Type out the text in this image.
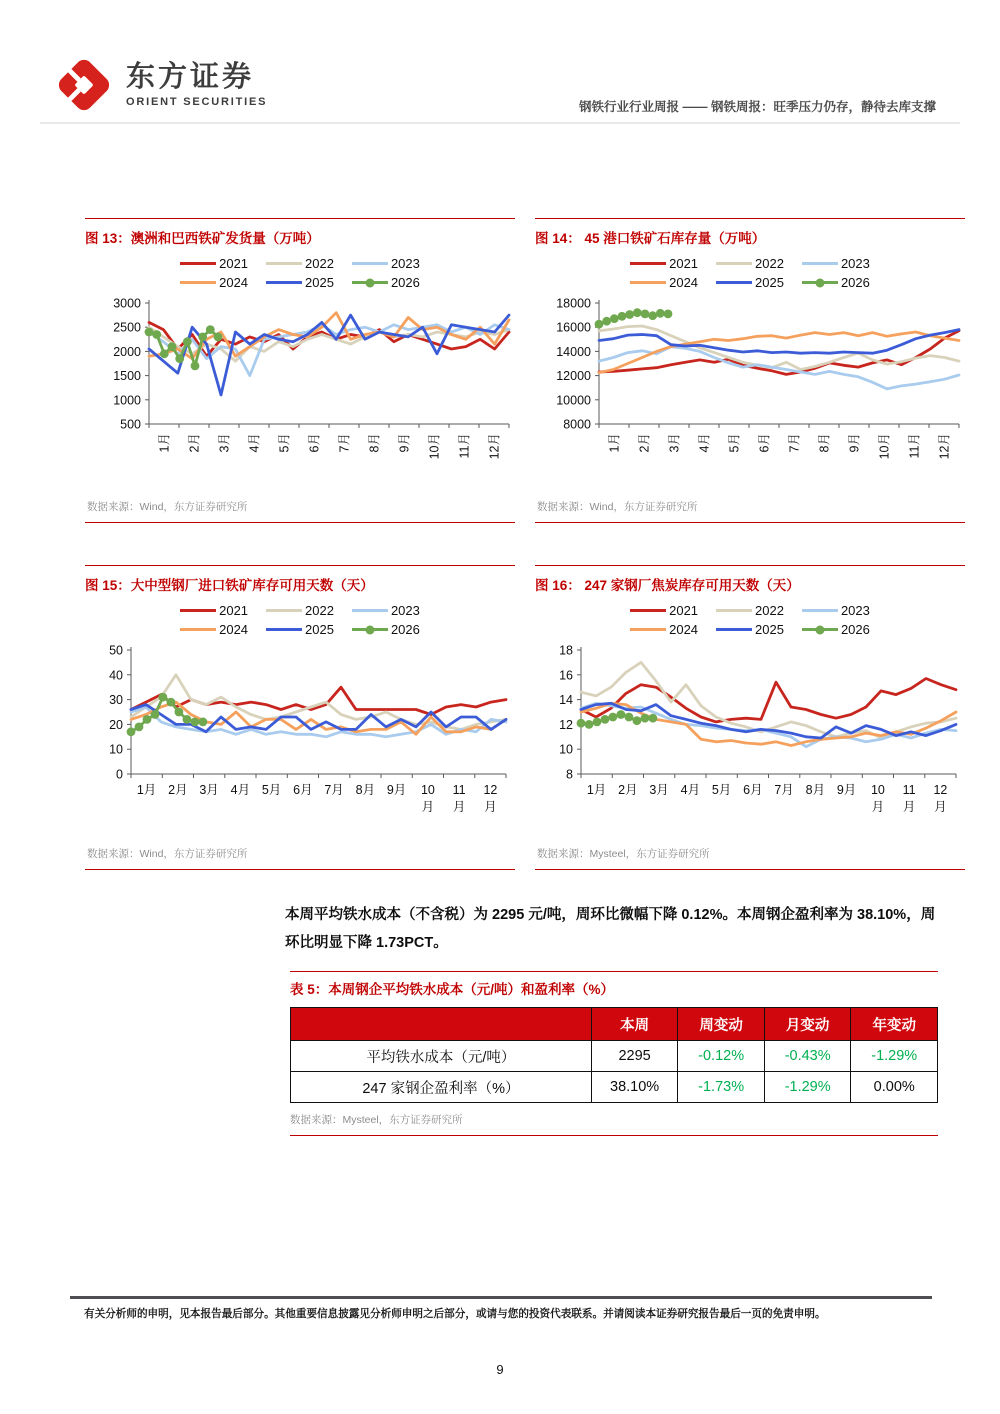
东方证券
ORIENT SECURITIES	钢铁行业行业周报 —— 钢铁周报：旺季压力仍存，静待去库支撑
图 13：澳洲和巴西铁矿发货量（万吨）
2021	2022	2023
2024	2025	2026
500
1000
1500
2000
2500
3000
1月 2月 3月 4月 5月 6月 7月 8月 9月 10月 11月 12月
数据来源：Wind，东方证券研究所
图 14： 45 港口铁矿石库存量（万吨）
2021	2022	2023
2024	2025	2026
8000
10000
12000
14000
16000
18000
1月 2月 3月 4月 5月 6月 7月 8月 9月 10月 11月 12月
数据来源：Wind，东方证券研究所
图 15：大中型钢厂进口铁矿库存可用天数（天）
2021	2022	2023
2024	2025	2026
0
10
20
30
40
50
1月 2月 3月 4月 5月 6月 7月 8月 9月 10
月
11
月
12
月
数据来源：Wind，东方证券研究所
图 16： 247 家钢厂焦炭库存可用天数（天）
2021	2022	2023
2024	2025	2026
8
10
12
14
16
18
1月 2月 3月 4月 5月 6月 7月 8月 9月 10
月
11
月
12
月
数据来源：Mysteel，东方证券研究所

本周平均铁水成本（不含税）为 2295 元/吨，周环比微幅下降 0.12%。本周钢企盈利率为 38.10%，周环比明显下降 1.73PCT。

表 5：本周钢企平均铁水成本（元/吨）和盈利率（%）
	本周	周变动	月变动	年变动
平均铁水成本（元/吨）	2295	-0.12%	-0.43%	-1.29%
247 家钢企盈利率（%）	38.10%	-1.73%	-1.29%	0.00%
数据来源：Mysteel，东方证券研究所
有关分析师的申明，见本报告最后部分。其他重要信息披露见分析师申明之后部分，或请与您的投资代表联系。并请阅读本证券研究报告最后一页的免责申明。
9
